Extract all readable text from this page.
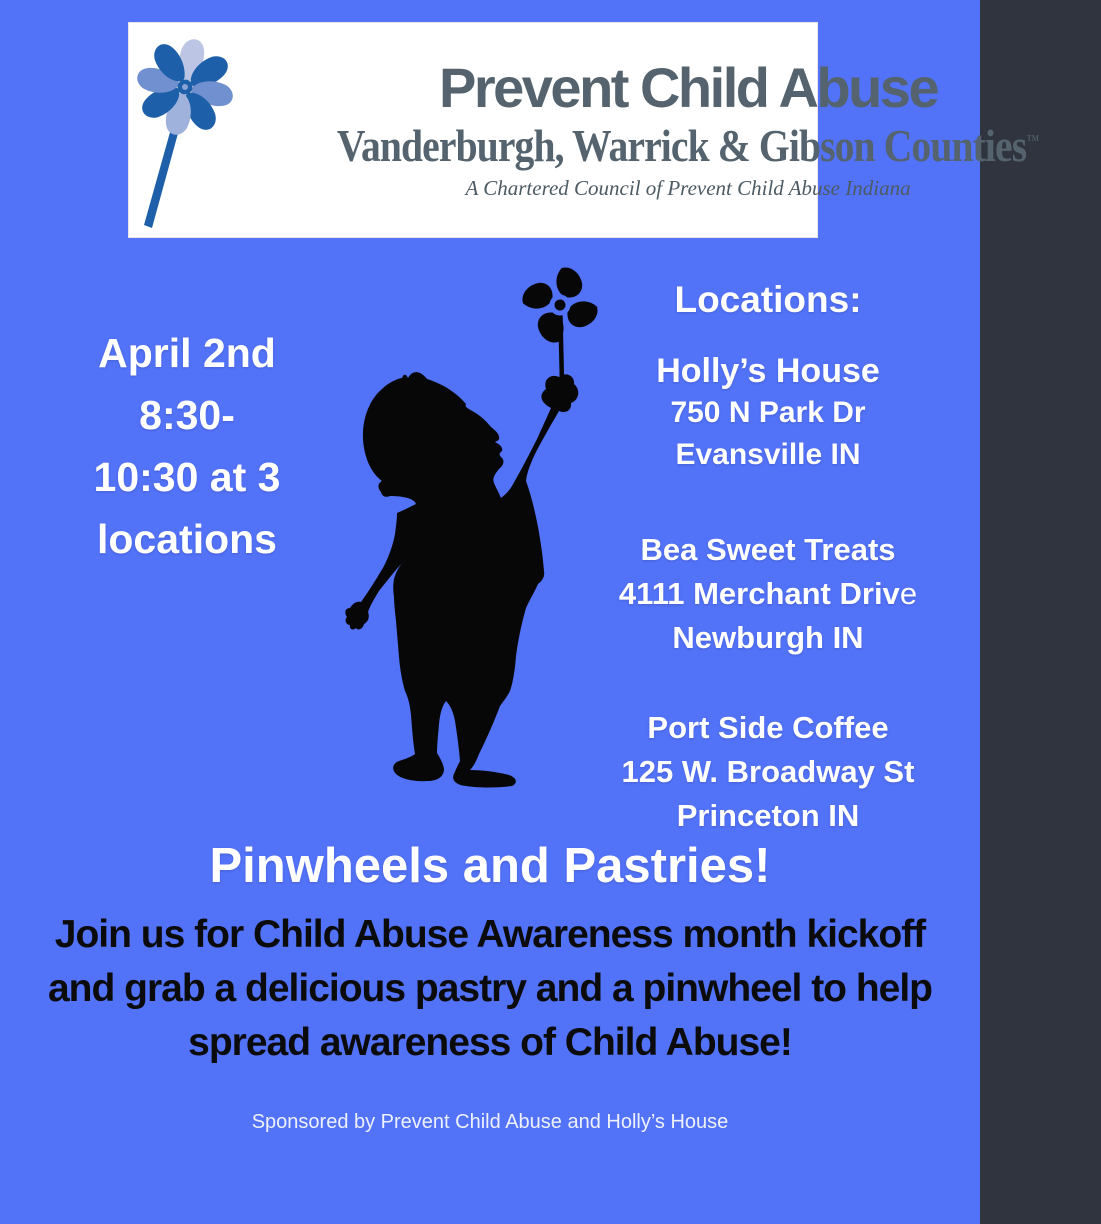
Prevent Child Abuse
Vanderburgh, Warrick & Gibson Counties™
A Chartered Council of Prevent Child Abuse Indiana
April 2nd
8:30-
10:30 at 3
locations
Locations:
Holly’s House
750 N Park Dr
Evansville IN
Bea Sweet Treats
4111 Merchant Drive
Newburgh IN
Port Side Coffee
125 W. Broadway St
Princeton IN
Pinwheels and Pastries!
Join us for Child Abuse Awareness month kickoff
and grab a delicious pastry and a pinwheel to help
spread awareness of Child Abuse!
Sponsored by Prevent Child Abuse and Holly’s House
